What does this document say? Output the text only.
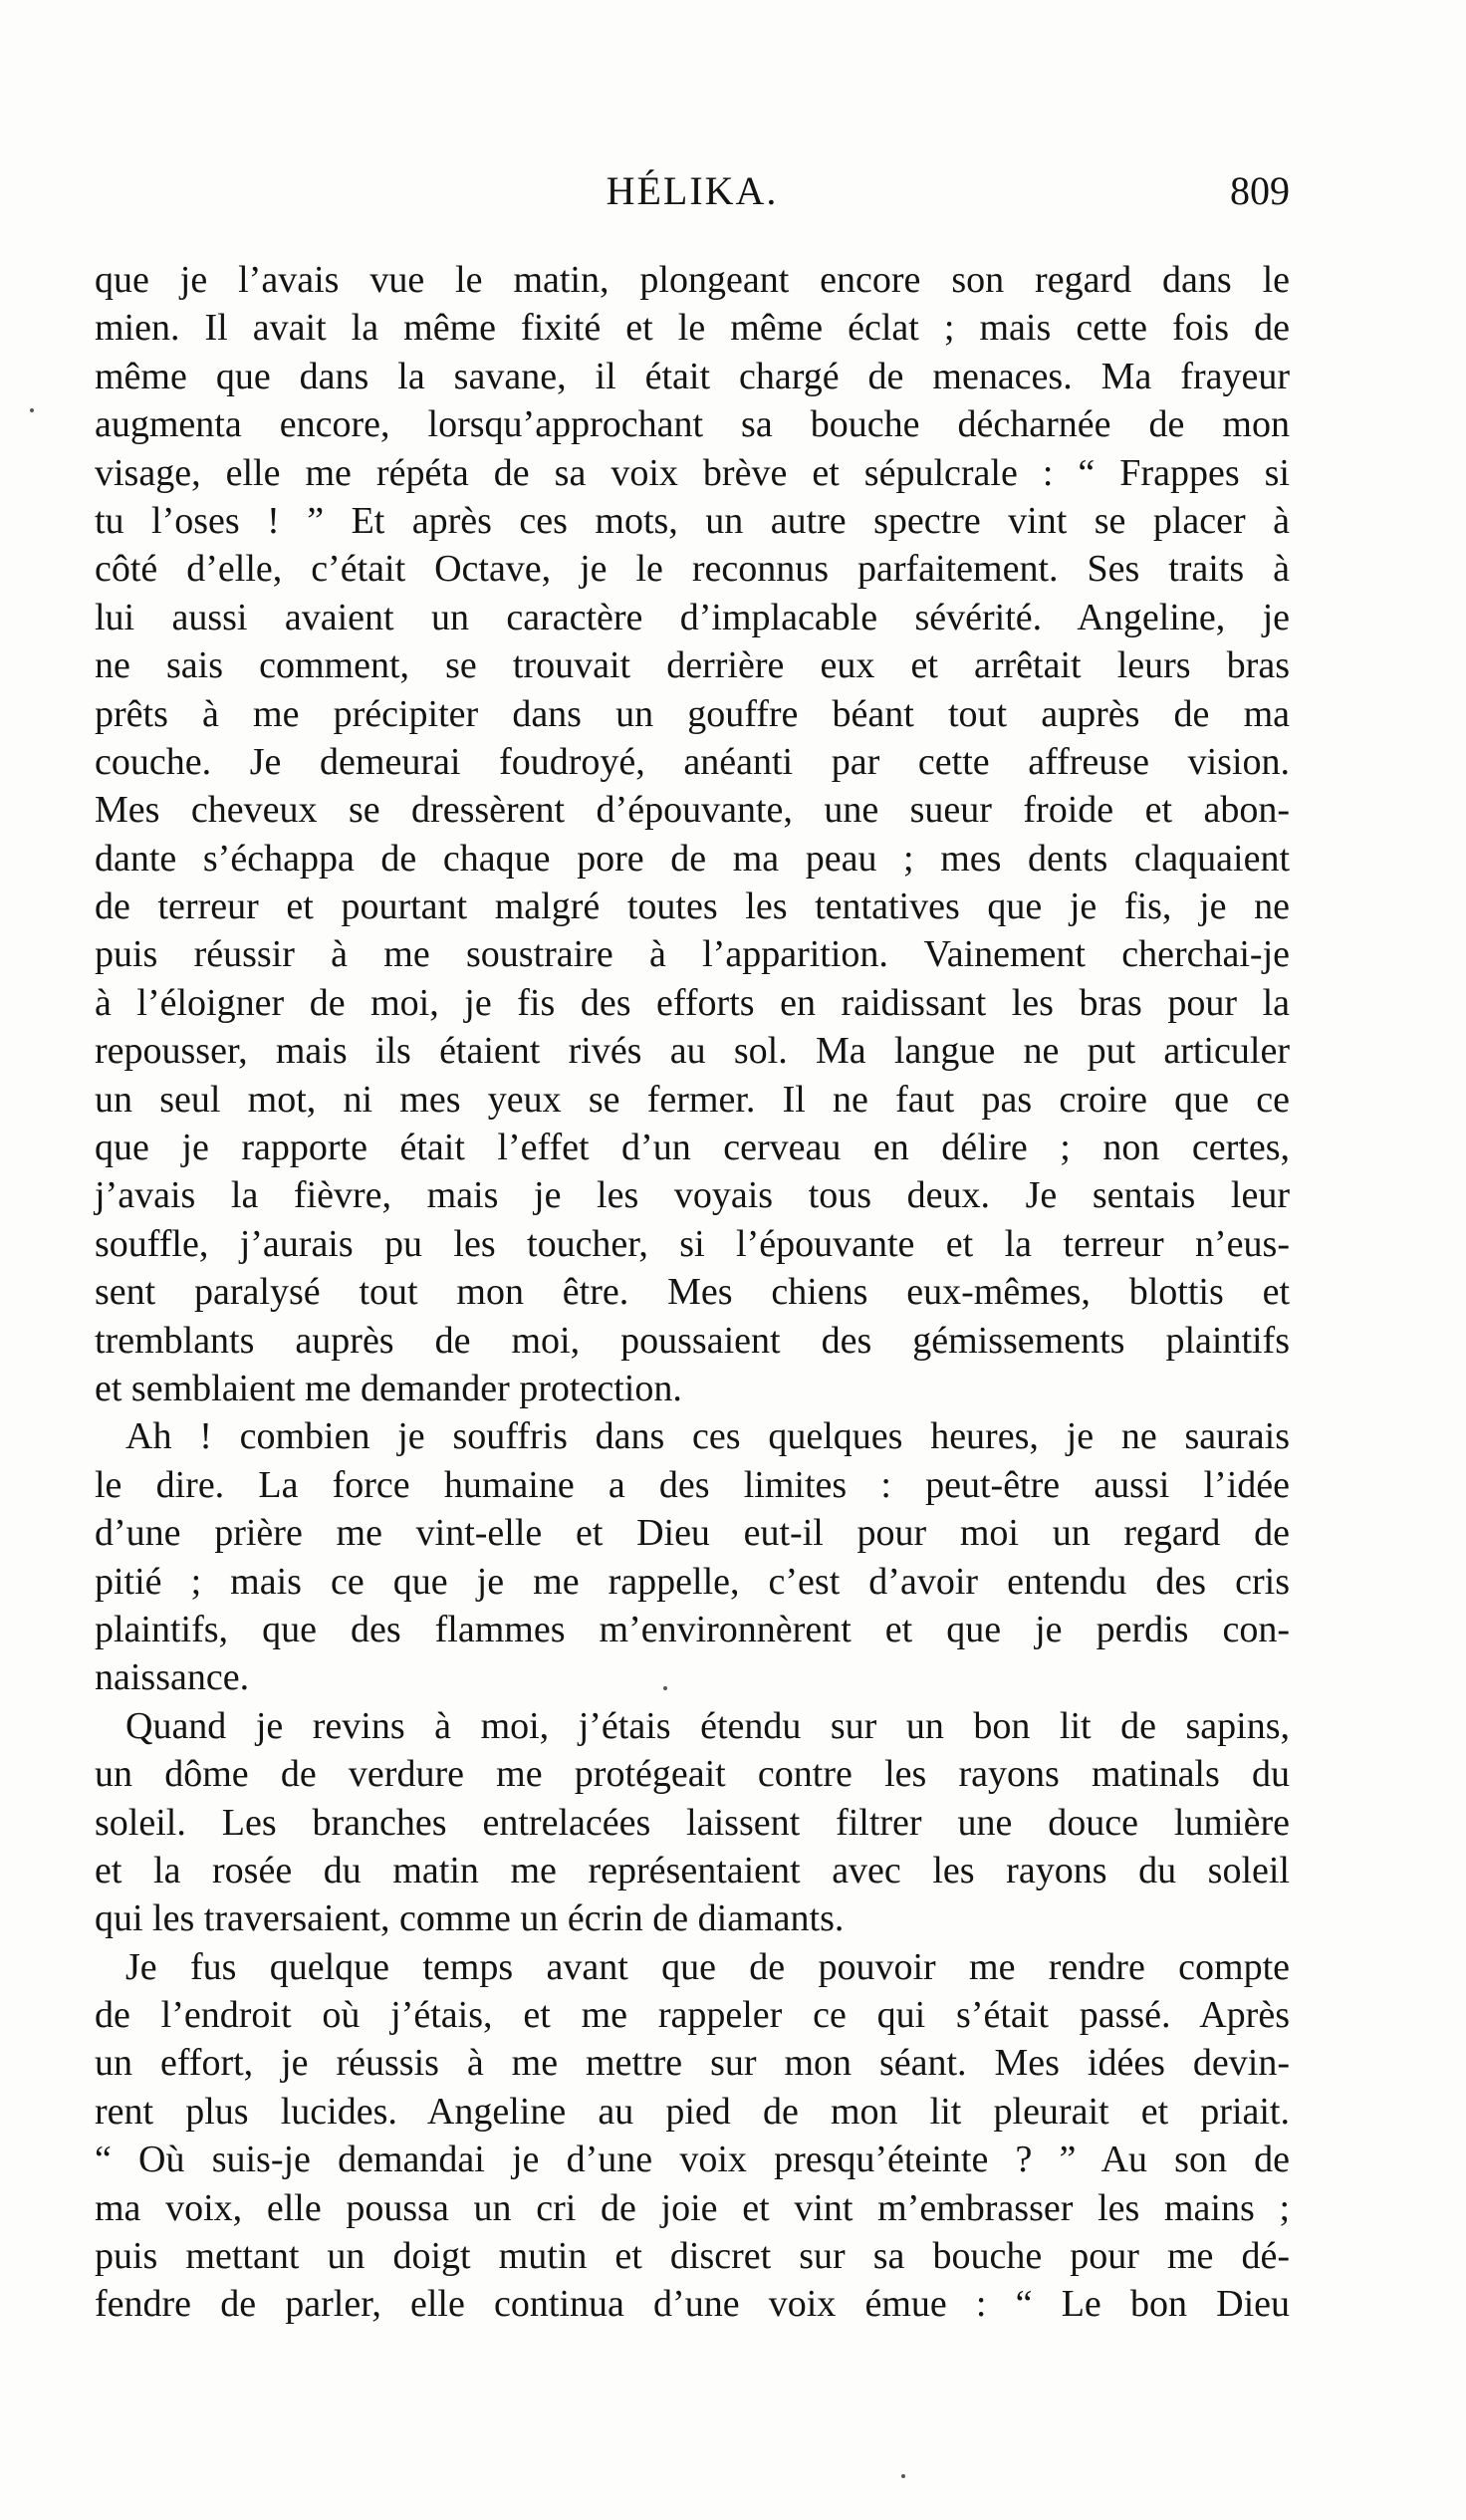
HÉLIKA.	809
que je l’avais vue le matin, plongeant encore son regard dans le
mien. Il avait la même fixité et le même éclat ; mais cette fois de
même que dans la savane, il était chargé de menaces. Ma frayeur
augmenta encore, lorsqu’approchant sa bouche décharnée de mon
visage, elle me répéta de sa voix brève et sépulcrale : “ Frappes si
tu l’oses ! ” Et après ces mots, un autre spectre vint se placer à
côté d’elle, c’était Octave, je le reconnus parfaitement. Ses traits à
lui aussi avaient un caractère d’implacable sévérité. Angeline, je
ne sais comment, se trouvait derrière eux et arrêtait leurs bras
prêts à me précipiter dans un gouffre béant tout auprès de ma
couche. Je demeurai foudroyé, anéanti par cette affreuse vision.
Mes cheveux se dressèrent d’épouvante, une sueur froide et abon-
dante s’échappa de chaque pore de ma peau ; mes dents claquaient
de terreur et pourtant malgré toutes les tentatives que je fis, je ne
puis réussir à me soustraire à l’apparition. Vainement cherchai-je
à l’éloigner de moi, je fis des efforts en raidissant les bras pour la
repousser, mais ils étaient rivés au sol. Ma langue ne put articuler
un seul mot, ni mes yeux se fermer. Il ne faut pas croire que ce
que je rapporte était l’effet d’un cerveau en délire ; non certes,
j’avais la fièvre, mais je les voyais tous deux. Je sentais leur
souffle, j’aurais pu les toucher, si l’épouvante et la terreur n’eus-
sent paralysé tout mon être. Mes chiens eux-mêmes, blottis et
tremblants auprès de moi, poussaient des gémissements plaintifs
et semblaient me demander protection.
Ah ! combien je souffris dans ces quelques heures, je ne saurais
le dire. La force humaine a des limites : peut-être aussi l’idée
d’une prière me vint-elle et Dieu eut-il pour moi un regard de
pitié ; mais ce que je me rappelle, c’est d’avoir entendu des cris
plaintifs, que des flammes m’environnèrent et que je perdis con-
naissance.
Quand je revins à moi, j’étais étendu sur un bon lit de sapins,
un dôme de verdure me protégeait contre les rayons matinals du
soleil. Les branches entrelacées laissent filtrer une douce lumière
et la rosée du matin me représentaient avec les rayons du soleil
qui les traversaient, comme un écrin de diamants.
Je fus quelque temps avant que de pouvoir me rendre compte
de l’endroit où j’étais, et me rappeler ce qui s’était passé. Après
un effort, je réussis à me mettre sur mon séant. Mes idées devin-
rent plus lucides. Angeline au pied de mon lit pleurait et priait.
“ Où suis-je demandai je d’une voix presqu’éteinte ? ” Au son de
ma voix, elle poussa un cri de joie et vint m’embrasser les mains ;
puis mettant un doigt mutin et discret sur sa bouche pour me dé-
fendre de parler, elle continua d’une voix émue : “ Le bon Dieu
